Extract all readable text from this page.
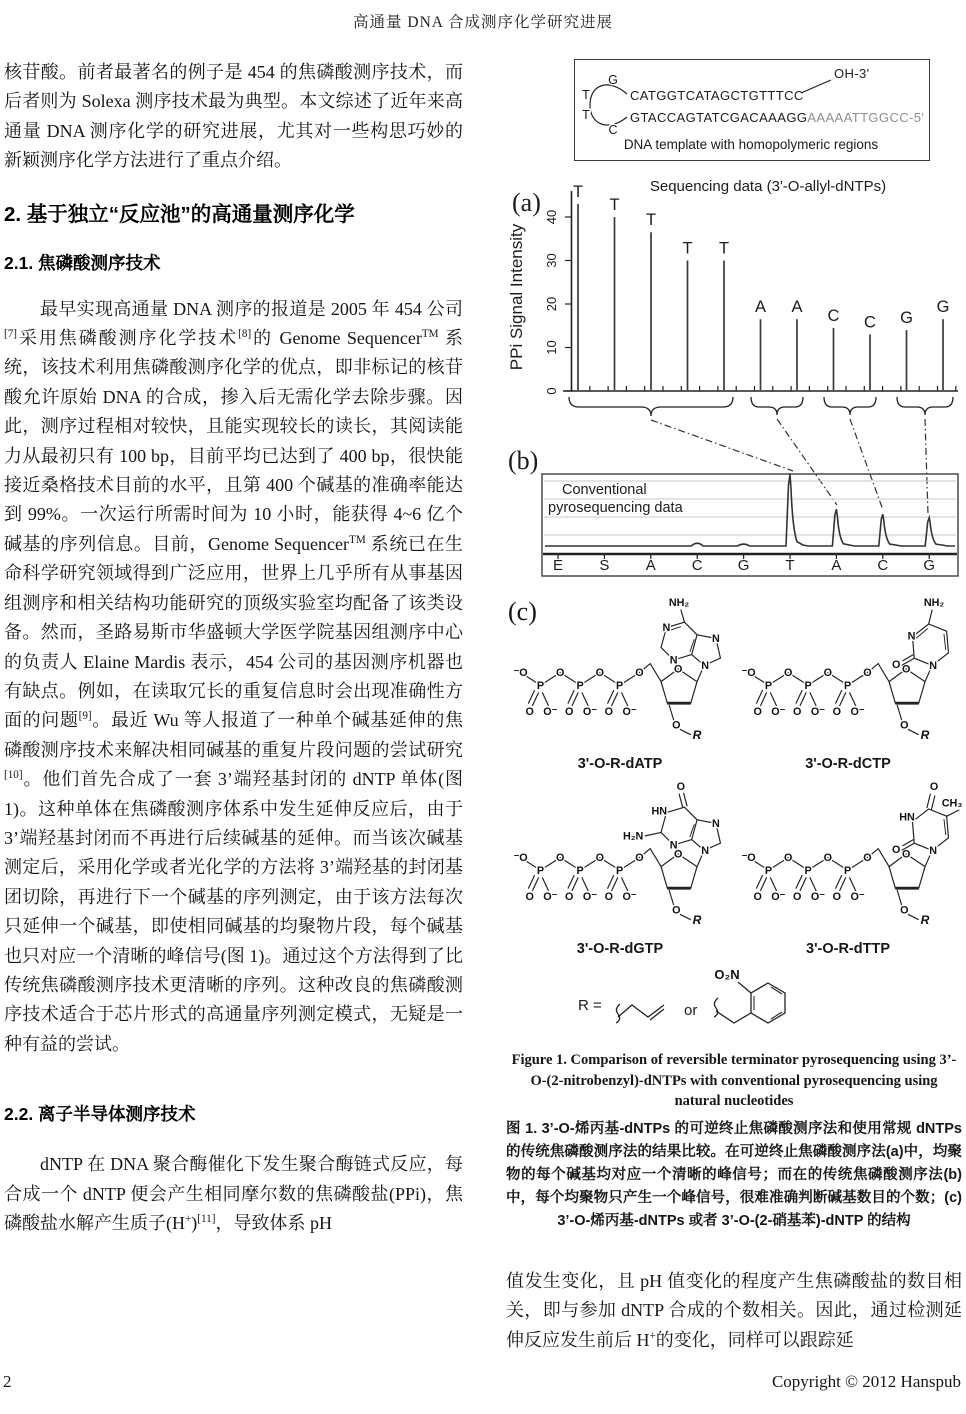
高通量 DNA 合成测序化学研究进展

核苷酸。前者最著名的例子是 454 的焦磷酸测序技术，而后者则为 Solexa 测序技术最为典型。本文综述了近年来高通量 DNA 测序化学的研究进展，尤其对一些构思巧妙的新颖测序化学方法进行了重点介绍。

2. 基于独立“反应池”的高通量测序化学
2.1. 焦磷酸测序技术

最早实现高通量 DNA 测序的报道是 2005 年 454 公司[7]采用焦磷酸测序化学技术[8]的 Genome Sequencer™ 系统，该技术利用焦磷酸测序化学的优点，即非标记的核苷酸允许原始 DNA 的合成，掺入后无需化学去除步骤。因此，测序过程相对较快，且能实现较长的读长，其阅读能力从最初只有 100 bp，目前平均已达到了 400 bp，很快能接近桑格技术目前的水平，且第 400 个碱基的准确率能达到 99%。一次运行所需时间为 10 小时，能获得 4~6 亿个碱基的序列信息。目前，Genome Sequencer™ 系统已在生命科学研究领域得到广泛应用，世界上几乎所有从事基因组测序和相关结构功能研究的顶级实验室均配备了该类设备。然而，圣路易斯市华盛顿大学医学院基因组测序中心的负责人 Elaine Mardis 表示，454 公司的基因测序机器也有缺点。例如，在读取冗长的重复信息时会出现准确性方面的问题[9]。最近 Wu 等人报道了一种单个碱基延伸的焦磷酸测序技术来解决相同碱基的重复片段问题的尝试研究[10]。他们首先合成了一套 3’端羟基封闭的 dNTP 单体(图 1)。这种单体在焦磷酸测序体系中发生延伸反应后，由于 3’端羟基封闭而不再进行后续碱基的延伸。而当该次碱基测定后，采用化学或者光化学的方法将 3’端羟基的封闭基团切除，再进行下一个碱基的序列测定，由于该方法每次只延伸一个碱基，即使相同碱基的均聚物片段，每个碱基也只对应一个清晰的峰信号(图 1)。通过这个方法得到了比传统焦磷酸测序技术更清晰的序列。这种改良的焦磷酸测序技术适合于芯片形式的高通量序列测定模式，无疑是一种有益的尝试。

2.2. 离子半导体测序技术

dNTP 在 DNA 聚合酶催化下发生聚合酶链式反应，每合成一个 dNTP 便会产生相同摩尔数的焦磷酸盐(PPi)，焦磷酸盐水解产生质子(H+)[11]，导致体系 pH

G
T
T
C
CATGGTCATAGCTGTTTCC
OH-3'
GTACCAGTATCGACAAAGGAAAAATTGGCC-5'
DNA template with homopolymeric regions
(a)
Sequencing data (3'-O-allyl-dNTPs)
PPi Signal Intensity
0
10
20
30
40
T
T
T
T T
A A C C G
G
(b)
Conventional
pyrosequencing data
E S A C G T A C G
(c)
O O⁻
P
O O⁻
P
O O⁻
P
⁻O O	O	O	O
O
R
NH₂
N
N
N
N
3'-O-R-dATP
O O⁻
P
O O⁻
P
O O⁻
P
⁻O O	O	O	O
O
R
O
NH₂
N
N
3'-O-R-dCTP
O O⁻
P
O O⁻
P
O O⁻
P
⁻O O	O	O	O
O
R
O
HN
H₂N
N
N
N
3'-O-R-dGTP
O O⁻
P
O O⁻
P
O O⁻
P
⁻O O	O	O	O
O
R
O
O
HN
CH₃
N
3'-O-R-dTTP
R =	or
O₂N

Figure 1. Comparison of reversible terminator pyrosequencing using 3’-O-(2-nitrobenzyl)-dNTPs with conventional pyrosequencing using natural nucleotides

图 1. 3’-O-烯丙基-dNTPs 的可逆终止焦磷酸测序法和使用常规 dNTPs 的传统焦磷酸测序法的结果比较。在可逆终止焦磷酸测序法(a)中，均聚物的每个碱基均对应一个清晰的峰信号；而在的传统焦磷酸测序法(b)中，每个均聚物只产生一个峰信号，很难准确判断碱基数目的个数；(c) 3’-O-烯丙基-dNTPs 或者 3’-O-(2-硝基苯)-dNTP 的结构

值发生变化，且 pH 值变化的程度产生焦磷酸盐的数目相关，即与参加 dNTP 合成的个数相关。因此，通过检测延伸反应发生前后 H+的变化，同样可以跟踪延

2	Copyright © 2012 Hanspub
